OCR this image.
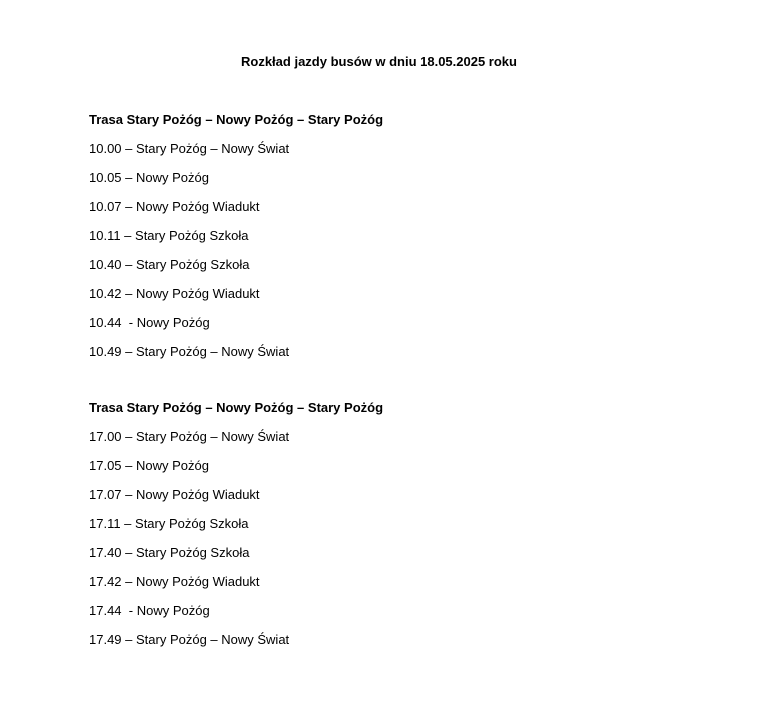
Rozkład jazdy busów w dniu 18.05.2025 roku
Trasa Stary Pożóg – Nowy Pożóg – Stary Pożóg
10.00 – Stary Pożóg – Nowy Świat
10.05 – Nowy Pożóg
10.07 – Nowy Pożóg Wiadukt
10.11 – Stary Pożóg Szkoła
10.40 – Stary Pożóg Szkoła
10.42 – Nowy Pożóg Wiadukt
10.44  - Nowy Pożóg
10.49 – Stary Pożóg – Nowy Świat
Trasa Stary Pożóg – Nowy Pożóg – Stary Pożóg
17.00 – Stary Pożóg – Nowy Świat
17.05 – Nowy Pożóg
17.07 – Nowy Pożóg Wiadukt
17.11 – Stary Pożóg Szkoła
17.40 – Stary Pożóg Szkoła
17.42 – Nowy Pożóg Wiadukt
17.44  - Nowy Pożóg
17.49 – Stary Pożóg – Nowy Świat
